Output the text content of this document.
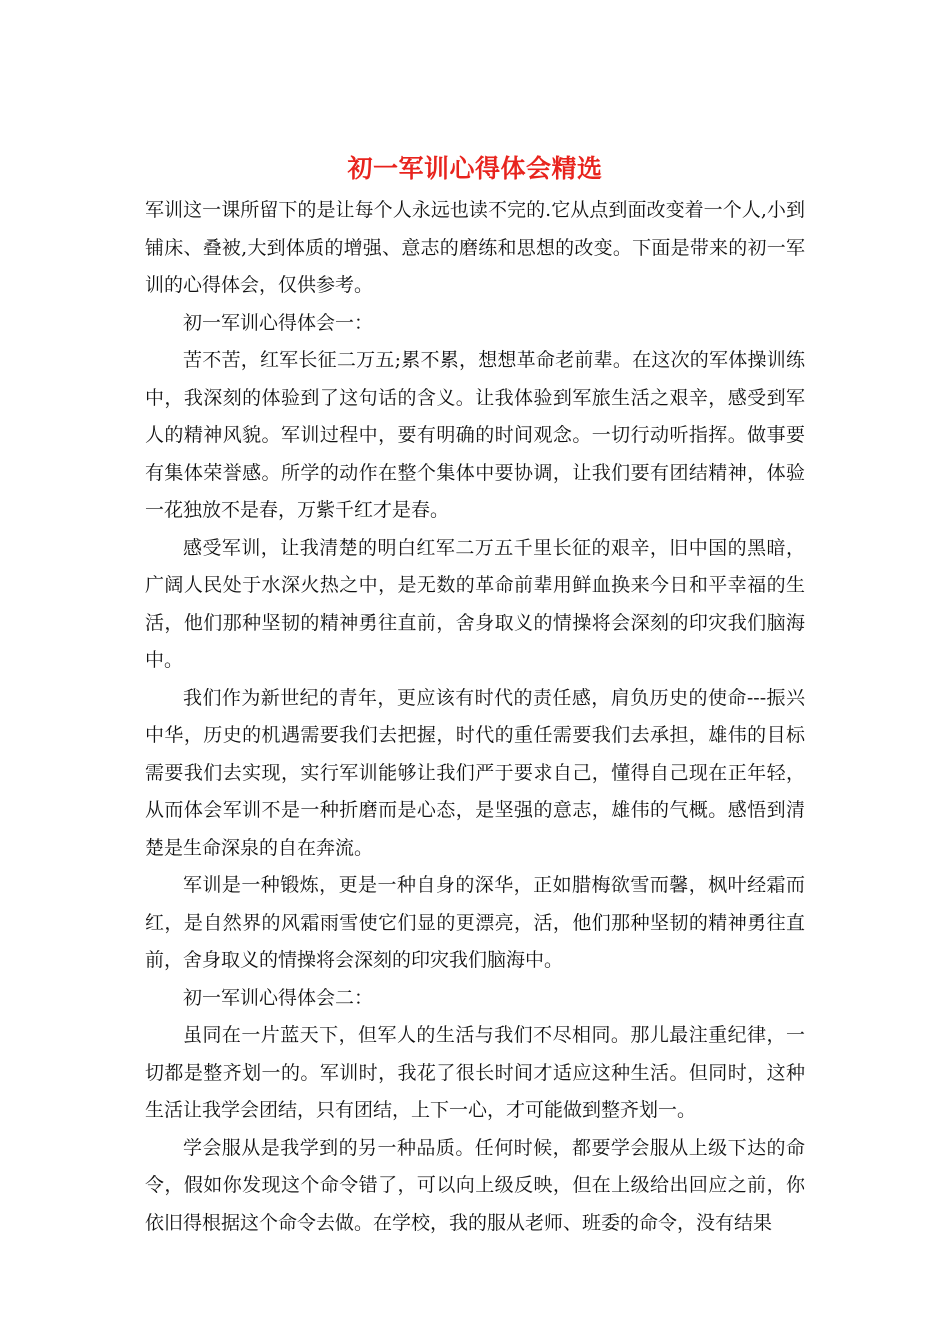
初一军训心得体会精选

军训这一课所留下的是让每个人永远也读不完的.它从点到面改变着一个人,小到铺床、叠被,大到体质的增强、意志的磨练和思想的改变。下面是带来的初一军训的心得体会，仅供参考。

初一军训心得体会一：

苦不苦，红军长征二万五;累不累，想想革命老前辈。在这次的军体操训练中，我深刻的体验到了这句话的含义。让我体验到军旅生活之艰辛，感受到军人的精神风貌。军训过程中，要有明确的时间观念。一切行动听指挥。做事要有集体荣誉感。所学的动作在整个集体中要协调，让我们要有团结精神，体验一花独放不是春，万紫千红才是春。

感受军训，让我清楚的明白红军二万五千里长征的艰辛，旧中国的黑暗，广阔人民处于水深火热之中，是无数的革命前辈用鲜血换来今日和平幸福的生活，他们那种坚韧的精神勇往直前，舍身取义的情操将会深刻的印灾我们脑海中。

我们作为新世纪的青年，更应该有时代的责任感，肩负历史的使命---振兴中华，历史的机遇需要我们去把握，时代的重任需要我们去承担，雄伟的目标需要我们去实现，实行军训能够让我们严于要求自己，懂得自己现在正年轻，从而体会军训不是一种折磨而是心态，是坚强的意志，雄伟的气概。感悟到清楚是生命深泉的自在奔流。

军训是一种锻炼，更是一种自身的深华，正如腊梅欲雪而馨，枫叶经霜而红，是自然界的风霜雨雪使它们显的更漂亮，活，他们那种坚韧的精神勇往直前，舍身取义的情操将会深刻的印灾我们脑海中。

初一军训心得体会二：

虽同在一片蓝天下，但军人的生活与我们不尽相同。那儿最注重纪律，一切都是整齐划一的。军训时，我花了很长时间才适应这种生活。但同时，这种生活让我学会团结，只有团结，上下一心，才可能做到整齐划一。

学会服从是我学到的另一种品质。任何时候，都要学会服从上级下达的命令，假如你发现这个命令错了，可以向上级反映，但在上级给出回应之前，你依旧得根据这个命令去做。在学校，我的服从老师、班委的命令，没有结果
